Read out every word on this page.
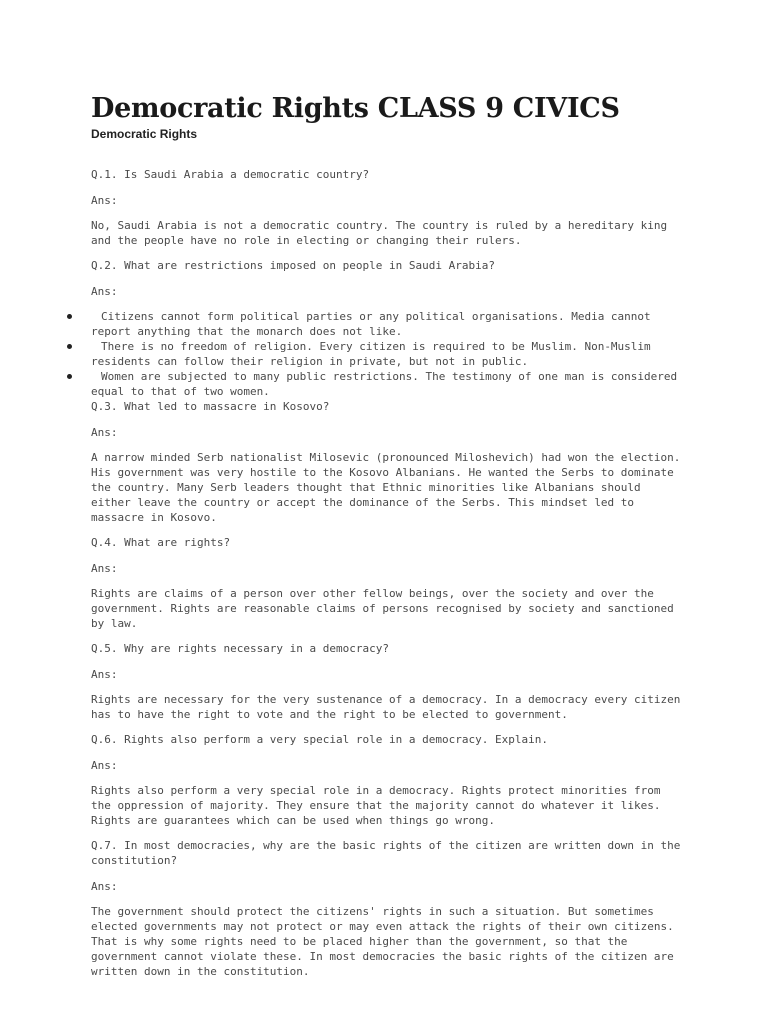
Democratic Rights CLASS 9 CIVICS
Democratic Rights

Q.1. Is Saudi Arabia a democratic country?

Ans:

No, Saudi Arabia is not a democratic country. The country is ruled by a hereditary king and the people have no role in electing or changing their rulers.

Q.2. What are restrictions imposed on people in Saudi Arabia?

Ans:

Citizens cannot form political parties or any political organisations. Media cannot report anything that the monarch does not like.
There is no freedom of religion. Every citizen is required to be Muslim. Non-Muslim residents can follow their religion in private, but not in public.
Women are subjected to many public restrictions. The testimony of one man is considered equal to that of two women.

Q.3. What led to massacre in Kosovo?

Ans:

A narrow minded Serb nationalist Milosevic (pronounced Miloshevich) had won the election. His government was very hostile to the Kosovo Albanians. He wanted the Serbs to dominate the country. Many Serb leaders thought that Ethnic minorities like Albanians should either leave the country or accept the dominance of the Serbs. This mindset led to massacre in Kosovo.

Q.4. What are rights?

Ans:

Rights are claims of a person over other fellow beings, over the society and over the government. Rights are reasonable claims of persons recognised by society and sanctioned by law.

Q.5. Why are rights necessary in a democracy?

Ans:

Rights are necessary for the very sustenance of a democracy. In a democracy every citizen has to have the right to vote and the right to be elected to government.

Q.6. Rights also perform a very special role in a democracy. Explain.

Ans:

Rights also perform a very special role in a democracy. Rights protect minorities from the oppression of majority. They ensure that the majority cannot do whatever it likes. Rights are guarantees which can be used when things go wrong.

Q.7. In most democracies, why are the basic rights of the citizen are written down in the constitution?

Ans:

The government should protect the citizens' rights in such a situation. But sometimes elected governments may not protect or may even attack the rights of their own citizens. That is why some rights need to be placed higher than the government, so that the government cannot violate these. In most democracies the basic rights of the citizen are written down in the constitution.
